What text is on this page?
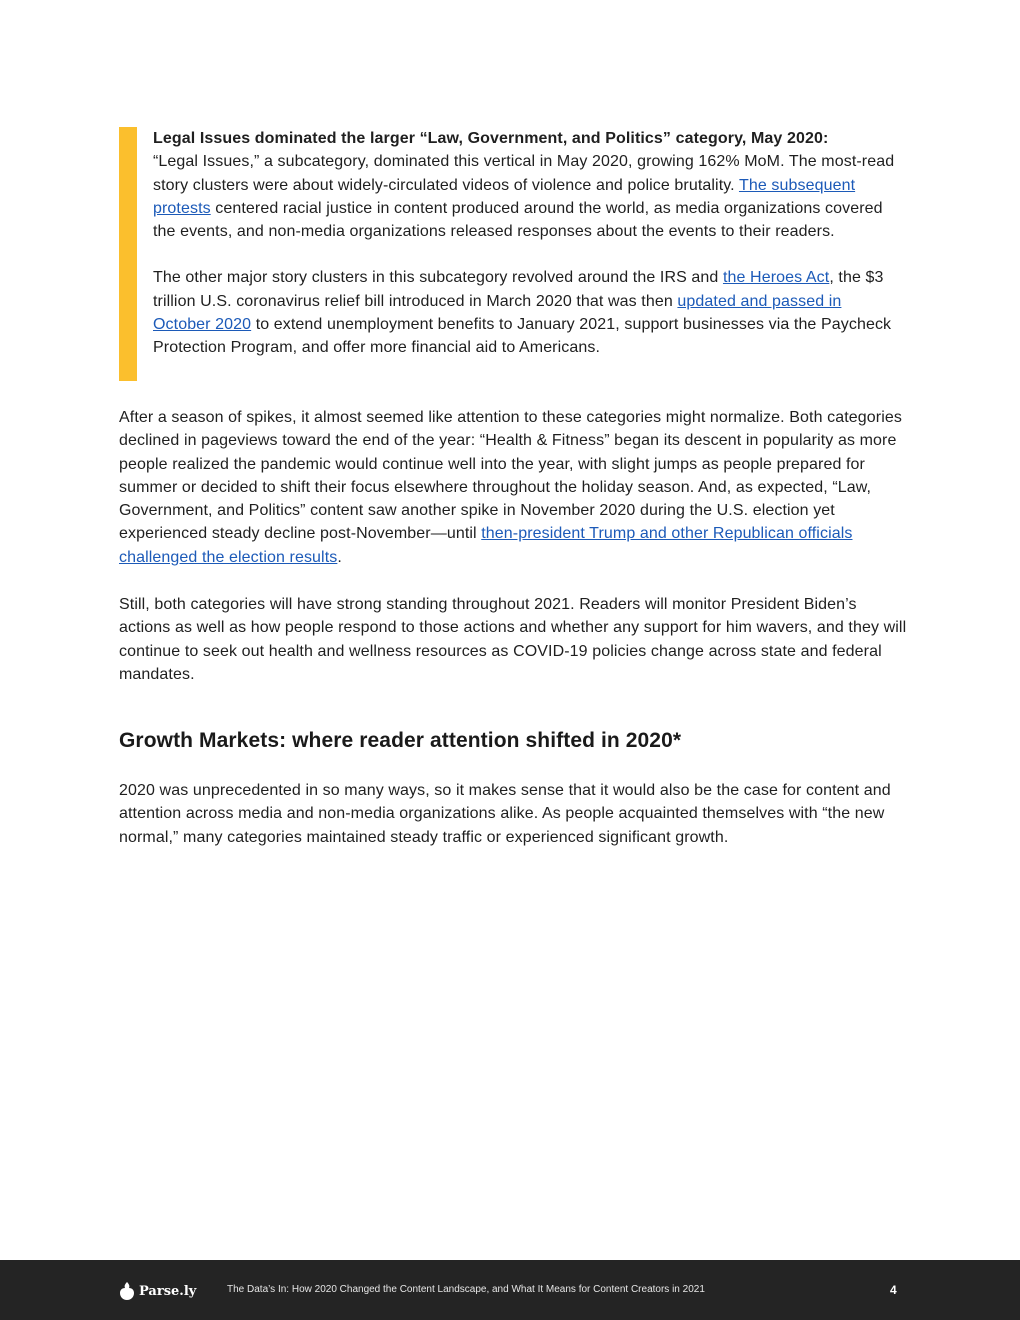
Legal Issues dominated the larger “Law, Government, and Politics” category, May 2020:
“Legal Issues,” a subcategory, dominated this vertical in May 2020, growing 162% MoM. The most-read story clusters were about widely-circulated videos of violence and police brutality. The subsequent protests centered racial justice in content produced around the world, as media organizations covered the events, and non-media organizations released responses about the events to their readers.

The other major story clusters in this subcategory revolved around the IRS and the Heroes Act, the $3 trillion U.S. coronavirus relief bill introduced in March 2020 that was then updated and passed in October 2020 to extend unemployment benefits to January 2021, support businesses via the Paycheck Protection Program, and offer more financial aid to Americans.

After a season of spikes, it almost seemed like attention to these categories might normalize. Both categories declined in pageviews toward the end of the year: “Health & Fitness” began its descent in popularity as more people realized the pandemic would continue well into the year, with slight jumps as people prepared for summer or decided to shift their focus elsewhere throughout the holiday season. And, as expected, “Law, Government, and Politics” content saw another spike in November 2020 during the U.S. election yet experienced steady decline post-November—until then-president Trump and other Republican officials challenged the election results.

Still, both categories will have strong standing throughout 2021. Readers will monitor President Biden’s actions as well as how people respond to those actions and whether any support for him wavers, and they will continue to seek out health and wellness resources as COVID-19 policies change across state and federal mandates.

Growth Markets: where reader attention shifted in 2020*

2020 was unprecedented in so many ways, so it makes sense that it would also be the case for content and attention across media and non-media organizations alike. As people acquainted themselves with “the new normal,” many categories maintained steady traffic or experienced significant growth.

Parse.ly	The Data’s In: How 2020 Changed the Content Landscape, and What It Means for Content Creators in 2021	4
